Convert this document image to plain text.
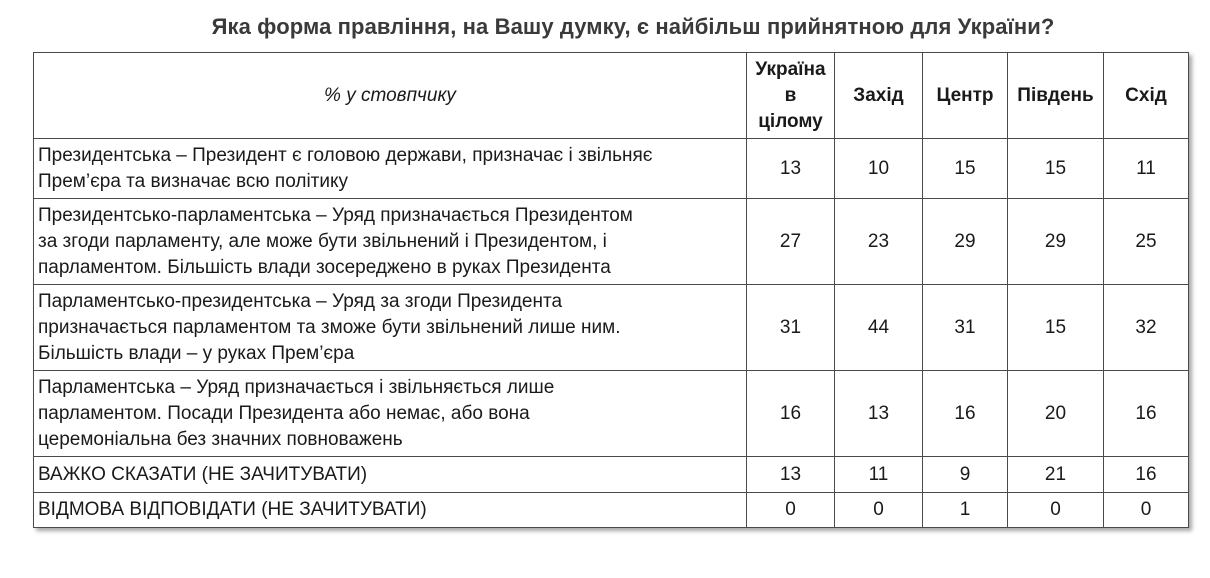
Яка форма правління, на Вашу думку, є найбільш прийнятною для України?
% у стовпчику	Україна
в
цілому	Захід	Центр	Південь	Схід
Президентська – Президент є головою держави, призначає і звільняє
Прем’єра та визначає всю політику	13	10	15	15	11
Президентсько-парламентська – Уряд призначається Президентом
за згоди парламенту, але може бути звільнений і Президентом, і
парламентом. Більшість влади зосереджено в руках Президента	27	23	29	29	25
Парламентсько-президентська – Уряд за згоди Президента
призначається парламентом та зможе бути звільнений лише ним.
Більшість влади – у руках Прем’єра	31	44	31	15	32
Парламентська – Уряд призначається і звільняється лише
парламентом. Посади Президента або немає, або вона
церемоніальна без значних повноважень	16	13	16	20	16
ВАЖКО СКАЗАТИ (НЕ ЗАЧИТУВАТИ)	13	11	9	21	16
ВІДМОВА ВІДПОВІДАТИ (НЕ ЗАЧИТУВАТИ)	0	0	1	0	0
